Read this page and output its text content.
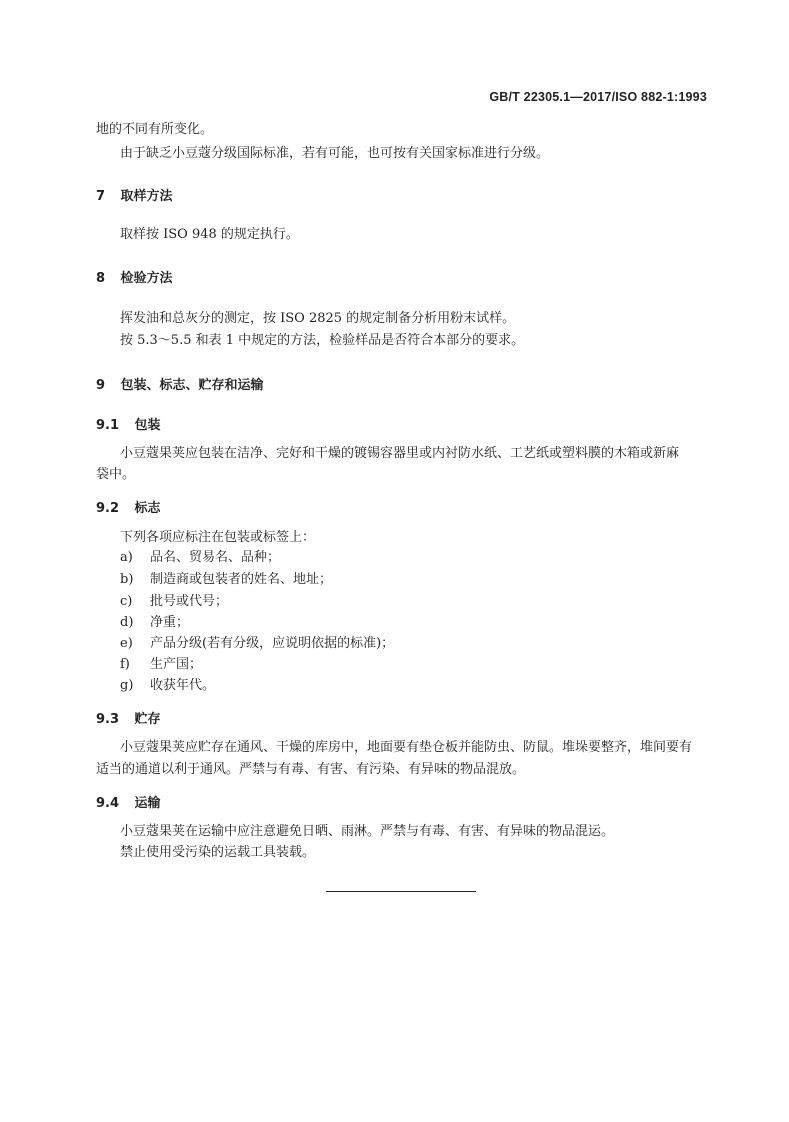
GB/T 22305.1—2017/ISO 882-1:1993
地的不同有所变化。
由于缺乏小豆蔻分级国际标准，若有可能，也可按有关国家标准进行分级。
7 取样方法
取样按 ISO 948 的规定执行。
8 检验方法
挥发油和总灰分的测定，按 ISO 2825 的规定制备分析用粉末试样。
按 5.3～5.5 和表 1 中规定的方法，检验样品是否符合本部分的要求。
9 包装、标志、贮存和运输
9.1 包装
小豆蔻果荚应包装在洁净、完好和干燥的镀锡容器里或内衬防水纸、工艺纸或塑料膜的木箱或新麻
袋中。
9.2 标志
下列各项应标注在包装或标签上：
a) 品名、贸易名、品种；
b) 制造商或包装者的姓名、地址；
c) 批号或代号；
d) 净重；
e) 产品分级(若有分级，应说明依据的标准)；
f) 生产国；
g) 收获年代。
9.3 贮存
小豆蔻果荚应贮存在通风、干燥的库房中，地面要有垫仓板并能防虫、防鼠。堆垛要整齐，堆间要有
适当的通道以利于通风。严禁与有毒、有害、有污染、有异味的物品混放。
9.4 运输
小豆蔻果荚在运输中应注意避免日晒、雨淋。严禁与有毒、有害、有异味的物品混运。
禁止使用受污染的运载工具装载。
